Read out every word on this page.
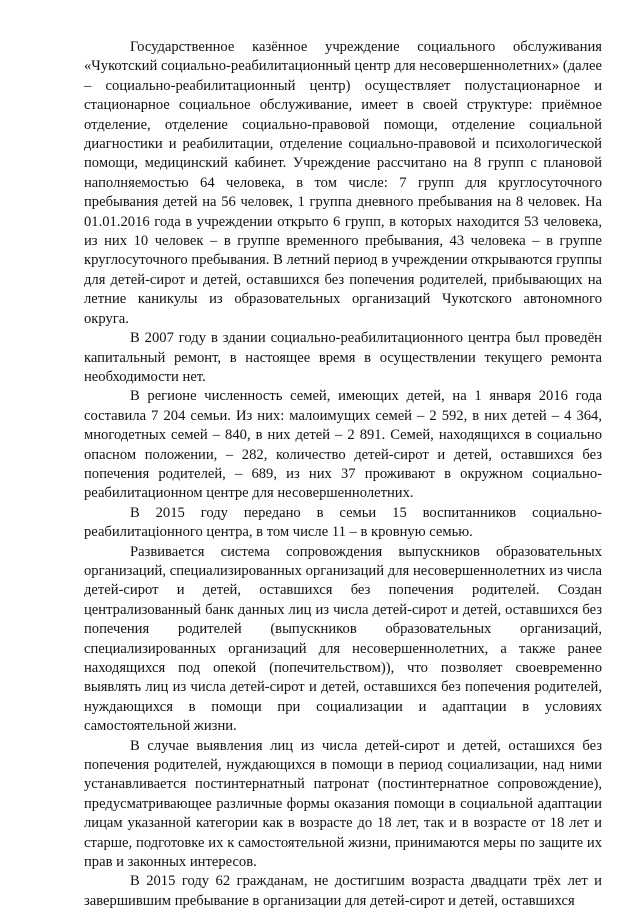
Государственное казённое учреждение социального обслуживания «Чукотский социально-реабилитационный центр для несовершеннолетних» (далее – социально-реабилитационный центр) осуществляет полустационарное и стационарное социальное обслуживание, имеет в своей структуре: приёмное отделение, отделение социально-правовой помощи, отделение социальной диагностики и реабилитации, отделение социально-правовой и психологической помощи, медицинский кабинет. Учреждение рассчитано на 8 групп с плановой наполняемостью 64 человека, в том числе: 7 групп для круглосуточного пребывания детей на 56 человек, 1 группа дневного пребывания на 8 человек. На 01.01.2016 года в учреждении открыто 6 групп, в которых находится 53 человека, из них 10 человек – в группе временного пребывания, 43 человека – в группе круглосуточного пребывания. В летний период в учреждении открываются группы для детей-сирот и детей, оставшихся без попечения родителей, прибывающих на летние каникулы из образовательных организаций Чукотского автономного округа.

В 2007 году в здании социально-реабилитационного центра был проведён капитальный ремонт, в настоящее время в осуществлении текущего ремонта необходимости нет.

В регионе численность семей, имеющих детей, на 1 января 2016 года составила 7 204 семьи. Из них: малоимущих семей – 2 592, в них детей – 4 364, многодетных семей – 840, в них детей – 2 891. Семей, находящихся в социально опасном положении, – 282, количество детей-сирот и детей, оставшихся без попечения родителей, – 689, из них 37 проживают в окружном социально-реабилитационном центре для несовершеннолетних.

В 2015 году передано в семьи 15 воспитанников социально-реабилитаціонного центра, в том числе 11 – в кровную семью.

Развивается система сопровождения выпускников образовательных организаций, специализированных организаций для несовершеннолетних из числа детей-сирот и детей, оставшихся без попечения родителей. Создан централизованный банк данных лиц из числа детей-сирот и детей, оставшихся без попечения родителей (выпускников образовательных организаций, специализированных организаций для несовершеннолетних, а также ранее находящихся под опекой (попечительством)), что позволяет своевременно выявлять лиц из числа детей-сирот и детей, оставшихся без попечения родителей, нуждающихся в помощи при социализации и адаптации в условиях самостоятельной жизни.

В случае выявления лиц из числа детей-сирот и детей, осташихся без попечения родителей, нуждающихся в помощи в период социализации, над ними устанавливается постинтернатный патронат (постинтернатное сопровождение), предусматривающее различные формы оказания помощи в социальной адаптации лицам указанной категории как в возрасте до 18 лет, так и в возрасте от 18 лет и старше, подготовке их к самостоятельной жизни, принимаются меры по защите их прав и законных интересов.

В 2015 году 62 гражданам, не достигшим возраста двадцати трёх лет и завершившим пребывание в организации для детей-сирот и детей, оставшихся
